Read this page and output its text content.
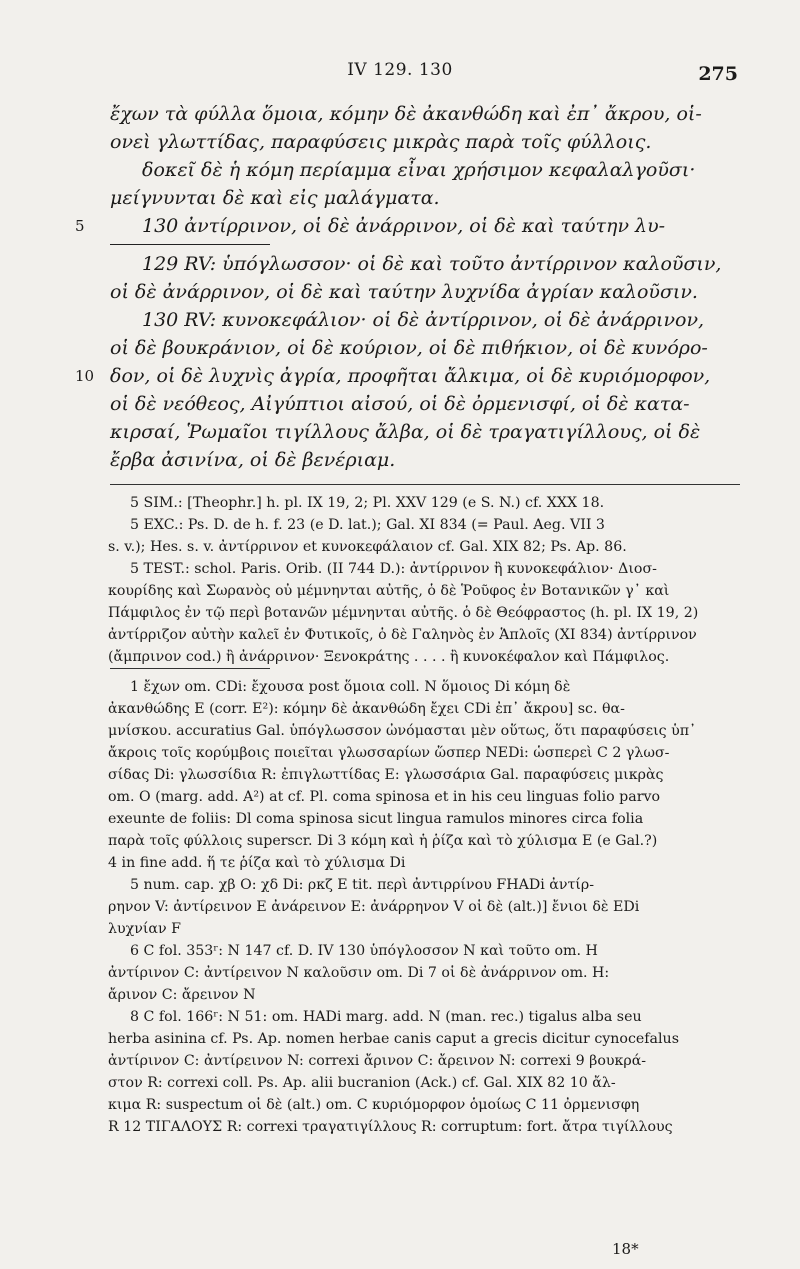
IV 129. 130	275
ἔχων τὰ φύλλα ὅμοια, κόμην δὲ ἀκανθώδη καὶ ἐπ᾽ ἄκρου, οἱ-
ονεὶ γλωττίδας, παραφύσεις μικρὰς παρὰ τοῖς φύλλοις.
δοκεῖ δὲ ἡ κόμη περίαμμα εἶναι χρήσιμον κεφαλαλγοῦσι·
μείγνυνται δὲ καὶ εἰς μαλάγματα.
5	130 ἀντίρρινον, οἱ δὲ ἀνάρρινον, οἱ δὲ καὶ ταύτην λυ-
129 RV: ὑπόγλωσσον· οἱ δὲ καὶ τοῦτο ἀντίρρινον καλοῦσιν,
οἱ δὲ ἀνάρρινον, οἱ δὲ καὶ ταύτην λυχνίδα ἀγρίαν καλοῦσιν.
130 RV: κυνοκεφάλιον· οἱ δὲ ἀντίρρινον, οἱ δὲ ἀνάρρινον,
οἱ δὲ βουκράνιον, οἱ δὲ κούριον, οἱ δὲ πιθήκιον, οἱ δὲ κυνόρο-
10 δον, οἱ δὲ λυχνὶς ἀγρία, προφῆται ἄλκιμα, οἱ δὲ κυριόμορφον,
οἱ δὲ νεόθεος, Αἰγύπτιοι αἰσού, οἱ δὲ ὀρμενισφί, οἱ δὲ κατα-
κιρσαί, Ῥωμαῖοι τιγίλλους ἄλβα, οἱ δὲ τραγατιγίλλους, οἱ δὲ
ἔρβα ἀσινίνα, οἱ δὲ βενέριαμ.
5 SIM.: [Theophr.] h. pl. IX 19, 2; Pl. XXV 129 (e S. N.) cf. XXX 18.
5 EXC.: Ps. D. de h. f. 23 (e D. lat.); Gal. XI 834 (= Paul. Aeg. VII 3
s. v.); Hes. s. v. ἀντίρρινον et κυνοκεφάλαιον cf. Gal. XIX 82; Ps. Ap. 86.
5 TEST.: schol. Paris. Orib. (II 744 D.): ἀντίρρινον ἢ κυνοκεφάλιον· Διοσ-
κουρίδης καὶ Σωρανὸς οὐ μέμνηνται αὐτῆς, ὁ δὲ Ῥοῦφος ἐν Βοτανικῶν γ᾽ καὶ
Πάμφιλος ἐν τῷ περὶ βοτανῶν μέμνηνται αὐτῆς. ὁ δὲ Θεόφραστος (h. pl. IX 19, 2)
ἀντίρριζον αὐτὴν καλεῖ ἐν Φυτικοῖς, ὁ δὲ Γαληνὸς ἐν Ἁπλοῖς (XI 834) ἀντίρρινον
(ἄμπρινον cod.) ἢ ἀνάρρινον· Ξενοκράτης . . . . ἢ κυνοκέφαλον καὶ Πάμφιλος.
1 ἔχων om. CDi: ἔχουσα post ὅμοια coll. N ὅμοιος Di κόμη δὲ
ἀκανθώδης E (corr. E²): κόμην δὲ ἀκανθώδη ἔχει CDi ἐπ᾽ ἄκρου] sc. θα-
μνίσκου. accuratius Gal. ὑπόγλωσσον ὠνόμασται μὲν οὕτως, ὅτι παραφύσεις ὑπ᾽
ἄκροις τοῖς κορύμβοις ποιεῖται γλωσσαρίων ὥσπερ NEDi: ὡσπερεὶ C 2 γλωσ-
σίδας Di: γλωσσίδια R: ἐπιγλωττίδας E: γλωσσάρια Gal. παραφύσεις μικρὰς
om. O (marg. add. A²) at cf. Pl. coma spinosa et in his ceu linguas folio parvo
exeunte de foliis: Dl coma spinosa sicut lingua ramulos minores circa folia
παρὰ τοῖς φύλλοις superscr. Di 3 κόμη καὶ ἡ ῥίζα καὶ τὸ χύλισμα E (e Gal.?)
4 in fine add. ἥ τε ῥίζα καὶ τὸ χύλισμα Di
5 num. cap. χβ O: χδ Di: ρκζ E tit. περὶ ἀντιρρίνου FHADi ἀντίρ-
ρηνον V: ἀντίρεινον E ἀνάρεινον E: ἀνάρρηνον V οἱ δὲ (alt.)] ἔνιοι δὲ EDi
λυχνίαν F
6 C fol. 353ʳ: N 147 cf. D. IV 130 ὑπόγλοσσον N καὶ τοῦτο om. H
ἀντίρινον C: ἀντίρειvον N καλοῦσιν om. Di 7 οἱ δὲ ἀνάρρινον om. H:
ἄρινον C: ἄρεινον N
8 C fol. 166ʳ: N 51: om. HADi marg. add. N (man. rec.) tigalus alba seu
herba asinina cf. Ps. Ap. nomen herbae canis caput a grecis dicitur cynocefalus
ἀντίρινον C: ἀντίρεινον N: correxi ἄρινον C: ἄρεινον N: correxi 9 βουκρά-
στον R: correxi coll. Ps. Ap. alii bucranion (Ack.) cf. Gal. XIX 82 10 ἄλ-
κιμα R: suspectum οἱ δὲ (alt.) om. C κυριόμορφον ὁμοίως C 11 ὀρμενισφη
R 12 ΤΙΓΑΛΟΥΣ R: correxi τραγατιγίλλους R: corruptum: fort. ἄτρα τιγίλλους
18*
